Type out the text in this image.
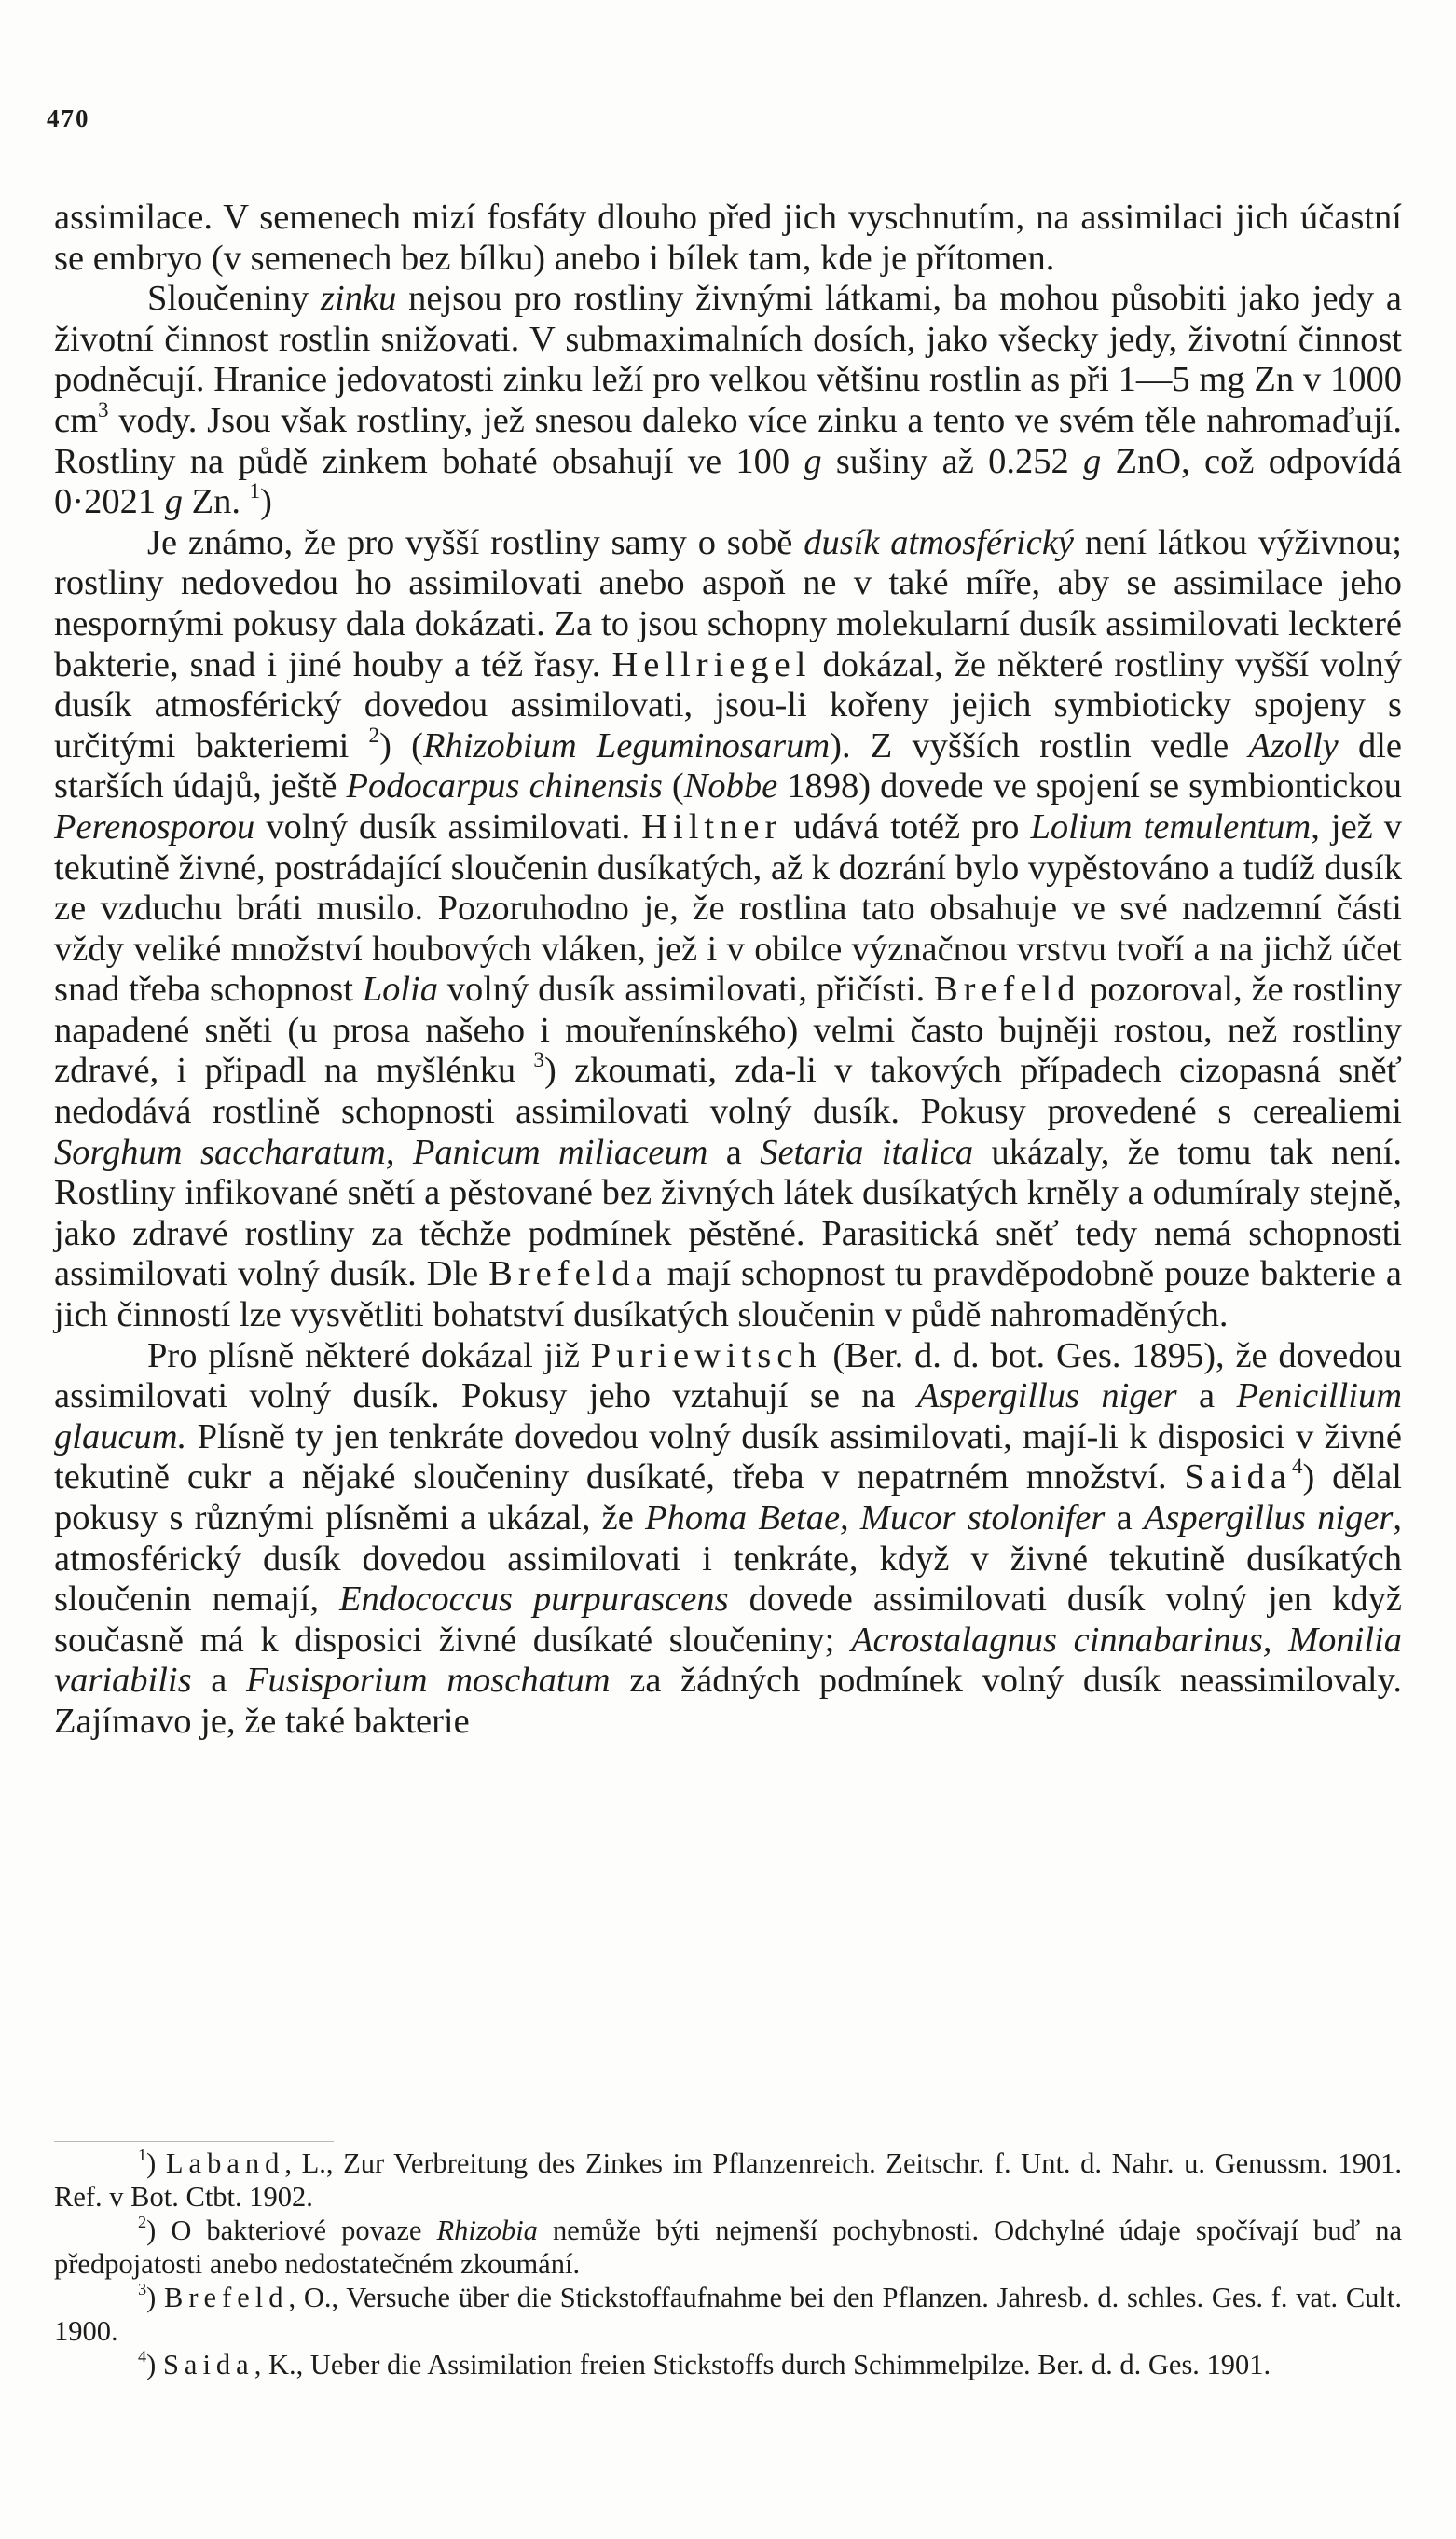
470

assimilace. V semenech mizí fosfáty dlouho před jich vyschnutím, na assimilaci jich účastní se embryo (v semenech bez bílku) anebo i bílek tam, kde je přítomen.

Sloučeniny zinku nejsou pro rostliny živnými látkami, ba mohou působiti jako jedy a životní činnost rostlin snižovati. V submaximalních dosích, jako všecky jedy, životní činnost podněcují. Hranice jedovatosti zinku leží pro velkou většinu rostlin as při 1—5 mg Zn v 1000 $cm^3$ vody. Jsou však rostliny, jež snesou daleko více zinku a tento ve svém těle nahromaďují. Rostliny na půdě zinkem bohaté obsahují ve 100 g sušiny až 0.252 g ZnO, což odpovídá 0·2021 g Zn. $^1$)

Je známo, že pro vyšší rostliny samy o sobě dusík atmosférický není látkou výživnou; rostliny nedovedou ho assimilovati anebo aspoň ne v také míře, aby se assimilace jeho nespornými pokusy dala dokázati. Za to jsou schopny molekularní dusík assimilovati leckteré bakterie, snad i jiné houby a též řasy. Hellriegel dokázal, že některé rostliny vyšší volný dusík atmosférický dovedou assimilovati, jsou-li kořeny jejich symbioticky spojeny s určitými bakteriemi $^2$) (Rhizobium Leguminosarum). Z vyšších rostlin vedle Azolly dle starších údajů, ještě Podocarpus chinensis (Nobbe 1898) dovede ve spojení se symbiontickou Perenosporou volný dusík assimilovati. Hiltner udává totéž pro Lolium temulentum, jež v tekutině živné, postrádající sloučenin dusíkatých, až k dozrání bylo vypěstováno a tudíž dusík ze vzduchu bráti musilo. Pozoruhodno je, že rostlina tato obsahuje ve své nadzemní části vždy veliké množství houbových vláken, jež i v obilce význačnou vrstvu tvoří a na jichž účet snad třeba schopnost Lolia volný dusík assimilovati, přičísti. Brefeld pozoroval, že rostliny napadené sněti (u prosa našeho i mouřenínského) velmi často bujněji rostou, než rostliny zdravé, i připadl na myšlénku $^3$) zkoumati, zda-li v takových případech cizopasná sněť nedodává rostlině schopnosti assimilovati volný dusík. Pokusy provedené s cerealiemi Sorghum saccharatum, Panicum miliaceum a Setaria italica ukázaly, že tomu tak není. Rostliny infikované snětí a pěstované bez živných látek dusíkatých krněly a odumíraly stejně, jako zdravé rostliny za těchže podmínek pěstěné. Parasitická sněť tedy nemá schopnosti assimilovati volný dusík. Dle Brefelda mají schopnost tu pravděpodobně pouze bakterie a jich činností lze vysvětliti bohatství dusíkatých sloučenin v půdě nahromaděných.

Pro plísně některé dokázal již Puriewitsch (Ber. d. d. bot. Ges. 1895), že dovedou assimilovati volný dusík. Pokusy jeho vztahují se na Aspergillus niger a Penicillium glaucum. Plísně ty jen tenkráte dovedou volný dusík assimilovati, mají-li k disposici v živné tekutině cukr a nějaké sloučeniny dusíkaté, třeba v nepatrném množství. Saida$^4$) dělal pokusy s různými plísněmi a ukázal, že Phoma Betae, Mucor stolonifer a Aspergillus niger, atmosférický dusík dovedou assimilovati i tenkráte, když v živné tekutině dusíkatých sloučenin nemají, Endococcus purpurascens dovede assimilovati dusík volný jen když současně má k disposici živné dusíkaté sloučeniny; Acrostalagnus cinnabarinus, Monilia variabilis a Fusisporium moschatum za žádných podmínek volný dusík neassimilovaly. Zajímavo je, že také bakterie

$^1$) Laband, L., Zur Verbreitung des Zinkes im Pflanzenreich. Zeitschr. f. Unt. d. Nahr. u. Genussm. 1901. Ref. v Bot. Ctbt. 1902.

$^2$) O bakteriové povaze Rhizobia nemůže býti nejmenší pochybnosti. Odchylné údaje spočívají buď na předpojatosti anebo nedostatečném zkoumání.

$^3$) Brefeld, O., Versuche über die Stickstoffaufnahme bei den Pflanzen. Jahresb. d. schles. Ges. f. vat. Cult. 1900.

$^4$) Saida, K., Ueber die Assimilation freien Stickstoffs durch Schimmelpilze. Ber. d. d. Ges. 1901.
